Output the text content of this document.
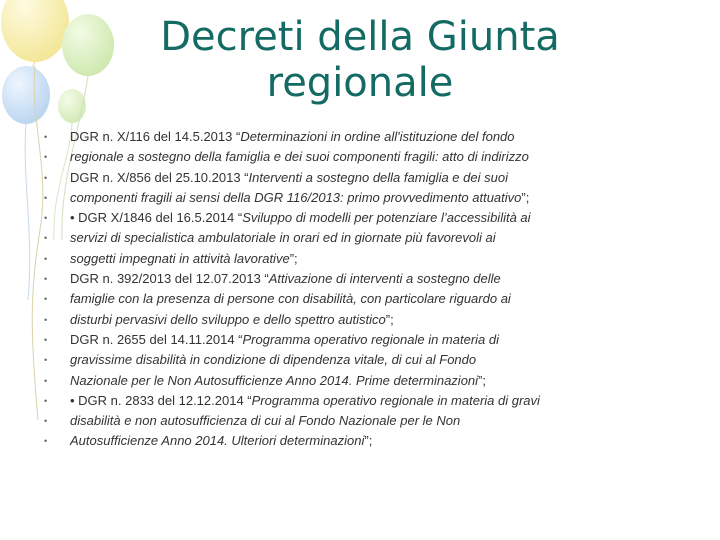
Decreti della Giunta
regionale
• DGR n. X/116 del 14.5.2013 “Determinazioni in ordine all'istituzione del fondo
• regionale a sostegno della famiglia e dei suoi componenti fragili: atto di indirizzo
• DGR n. X/856 del 25.10.2013 “Interventi a sostegno della famiglia e dei suoi
• componenti fragili ai sensi della DGR 116/2013: primo provvedimento attuativo”;
• • DGR X/1846 del 16.5.2014 “Sviluppo di modelli per potenziare l’accessibilità ai
• servizi di specialistica ambulatoriale in orari ed in giornate più favorevoli ai
• soggetti impegnati in attività lavorative”;
• DGR n. 392/2013 del 12.07.2013 “Attivazione di interventi a sostegno delle
• famiglie con la presenza di persone con disabilità, con particolare riguardo ai
• disturbi pervasivi dello sviluppo e dello spettro autistico”;
• DGR n. 2655 del 14.11.2014 “Programma operativo regionale in materia di
• gravissime disabilità in condizione di dipendenza vitale, di cui al Fondo
• Nazionale per le Non Autosufficienze Anno 2014. Prime determinazioni”;
• • DGR n. 2833 del 12.12.2014 “Programma operativo regionale in materia di gravi
• disabilità e non autosufficienza di cui al Fondo Nazionale per le Non
• Autosufficienze Anno 2014. Ulteriori determinazioni”;
